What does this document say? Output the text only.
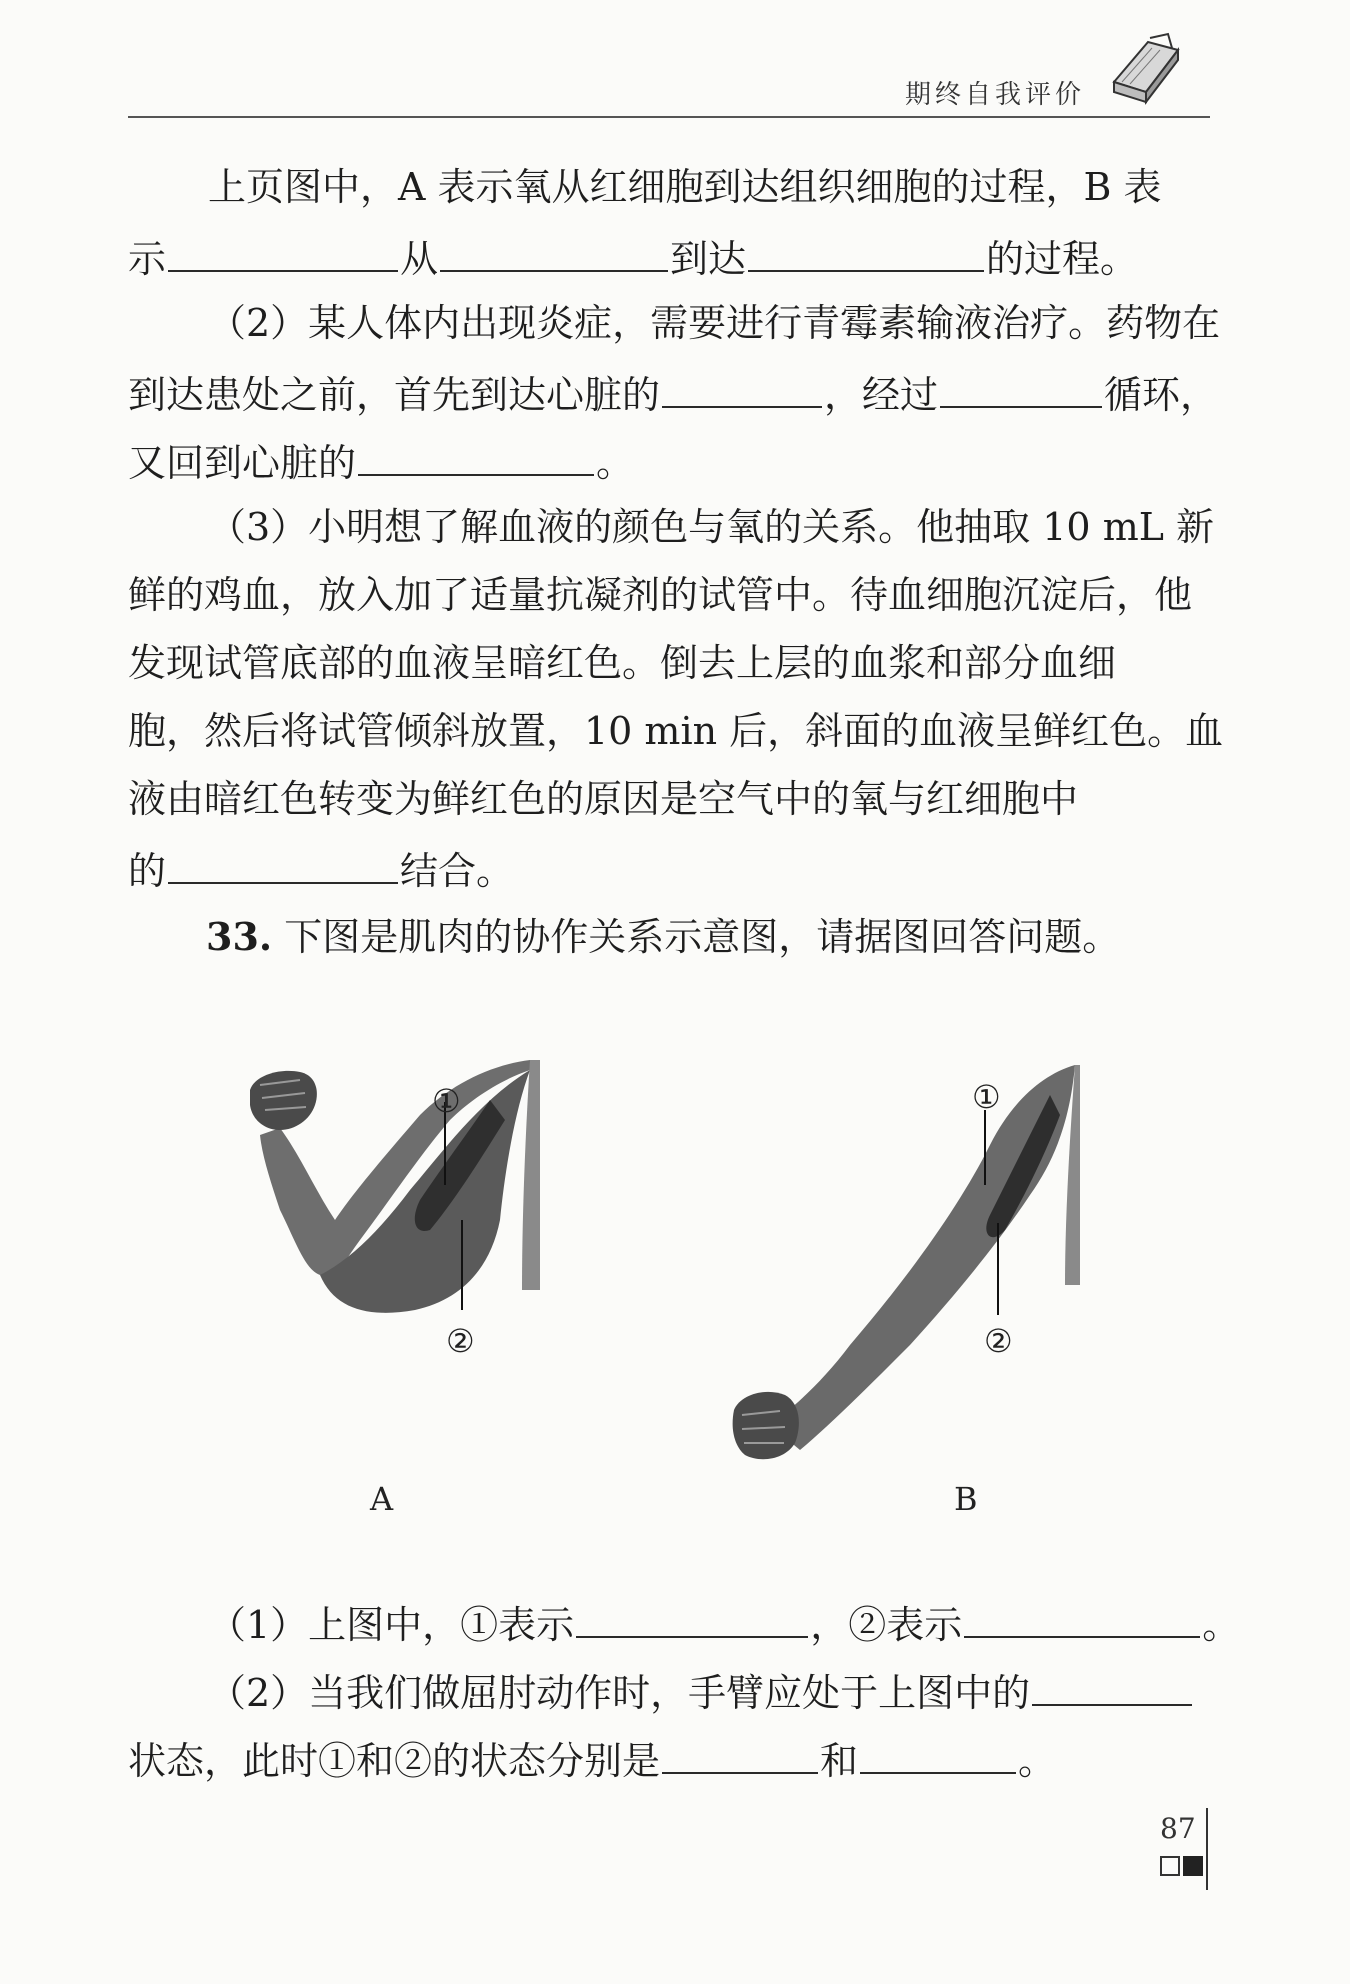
期终自我评价
上页图中，A 表示氧从红细胞到达组织细胞的过程，B 表
示	从	到达	的过程。
（2）某人体内出现炎症，需要进行青霉素输液治疗。药物在
到达患处之前，首先到达心脏的	，经过	循环，
又回到心脏的	。
（3）小明想了解血液的颜色与氧的关系。他抽取 10 mL 新
鲜的鸡血，放入加了适量抗凝剂的试管中。待血细胞沉淀后，他
发现试管底部的血液呈暗红色。倒去上层的血浆和部分血细
胞，然后将试管倾斜放置，10 min 后，斜面的血液呈鲜红色。血
液由暗红色转变为鲜红色的原因是空气中的氧与红细胞中
的	结合。
33. 下图是肌肉的协作关系示意图，请据图回答问题。
①
②
A
①
②
B
（1）上图中，①表示	，②表示	。
（2）当我们做屈肘动作时，手臂应处于上图中的
状态，此时①和②的状态分别是	和	。
87
